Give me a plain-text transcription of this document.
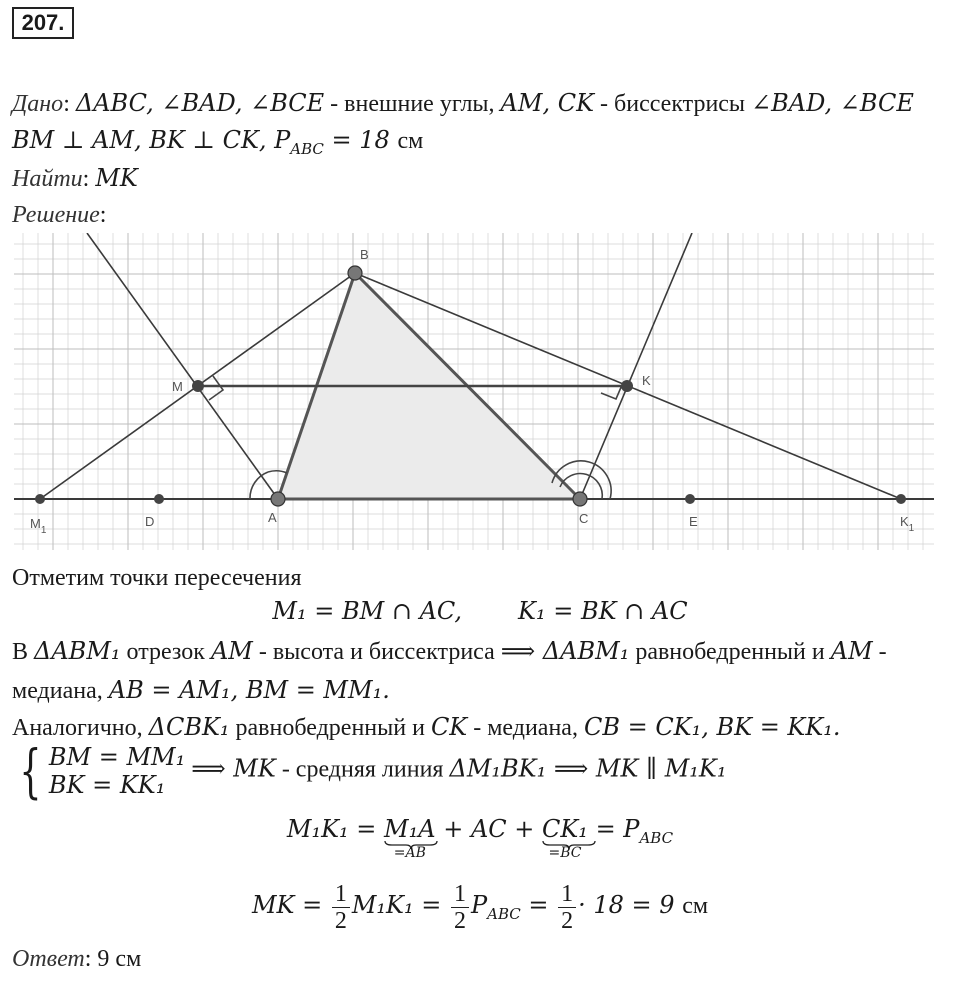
207.
Дано: ΔABC, ∠BAD, ∠BCE - внешние углы, AM, CK - биссектрисы ∠BAD, ∠BCE
BM ⊥ AM, BK ⊥ CK, $P_{ABC} = 18$ см
Найти: MK
Решение:
B
M	K
$M_1$
D	A	C	E	$K_1$
Отметим точки пересечения
M₁ = BM ∩ AC, K₁ = BK ∩ AC
В ΔABM₁ отрезок AM - высота и биссектриса ⟹ ΔABM₁ равнобедренный и AM -
медиана, AB = AM₁, BM = MM₁.
Аналогично, ΔCBK₁ равнобедренный и CK - медиана, CB = CK₁, BK = KK₁.
{ BM = MM₁
BK = KK₁
⟹ MK - средняя линия ΔM₁BK₁ ⟹ MK ∥ M₁K₁
M₁K₁ = M₁A
=AB
+ AC + CK₁
=BC
= $P_{ABC}$
MK = $\frac{1}{2} M_1K_1 = \frac{1}{2} P_{ABC} = \frac{1}{2} \cdot 18 = 9$ см
Ответ: 9 см
